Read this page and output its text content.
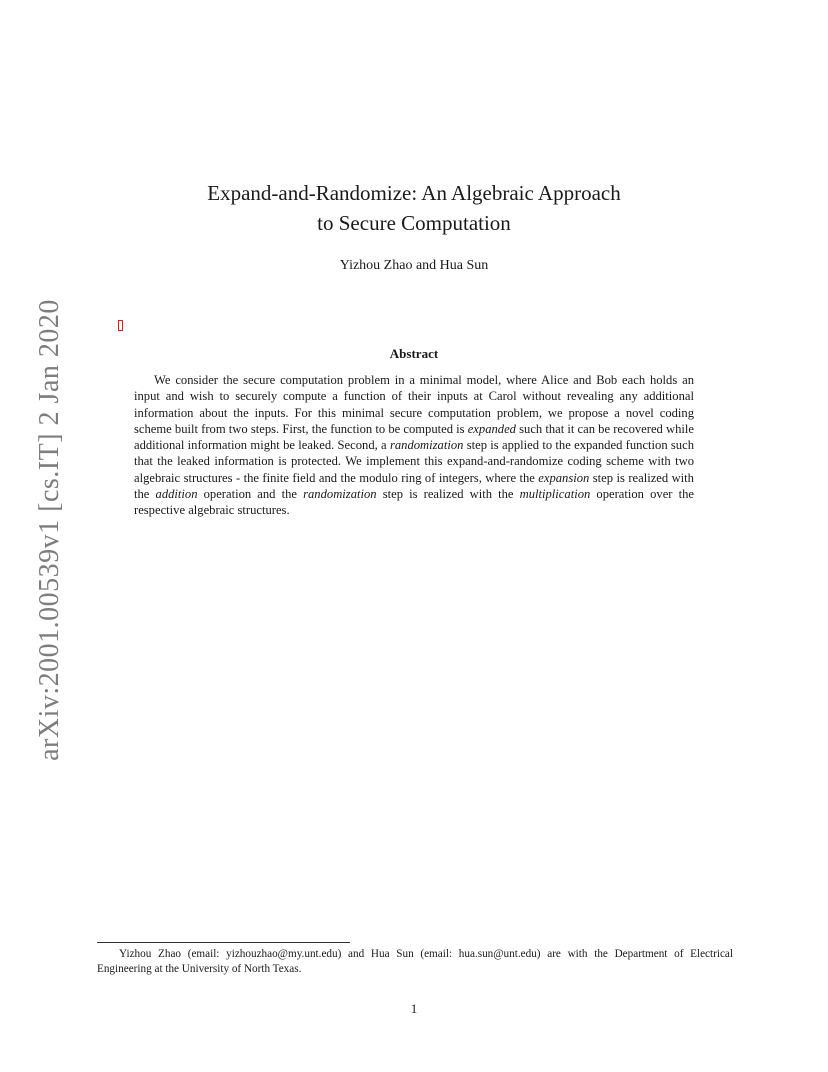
arXiv:2001.00539v1 [cs.IT] 2 Jan 2020
Expand-and-Randomize: An Algebraic Approach
to Secure Computation
Yizhou Zhao and Hua Sun
Abstract

We consider the secure computation problem in a minimal model, where Alice and Bob each holds an input and wish to securely compute a function of their inputs at Carol without revealing any additional information about the inputs. For this minimal secure computation problem, we propose a novel coding scheme built from two steps. First, the function to be computed is expanded such that it can be recovered while additional information might be leaked. Second, a randomization step is applied to the expanded function such that the leaked information is protected. We implement this expand-and-randomize coding scheme with two algebraic structures - the finite field and the modulo ring of integers, where the expansion step is realized with the addition operation and the randomization step is realized with the multiplication operation over the respective algebraic structures.

Yizhou Zhao (email: yizhouzhao@my.unt.edu) and Hua Sun (email: hua.sun@unt.edu) are with the Department of Electrical Engineering at the University of North Texas.

1
